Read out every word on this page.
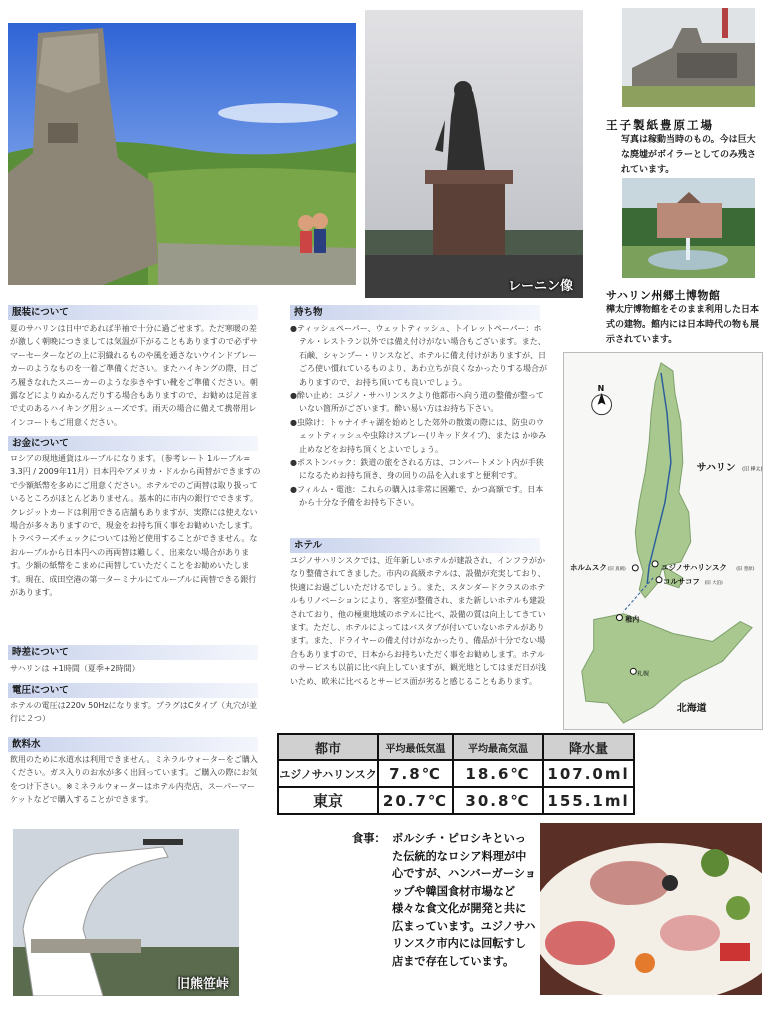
レーニン像
王子製紙豊原工場
写真は稼動当時のもの。今は巨大な廃墟がボイラーとしてのみ残されています。
サハリン州郷土博物館
樺太庁博物館をそのまま利用した日本式の建物。館内には日本時代の物も展示されています。
服装について
夏のサハリンは日中であれば半袖で十分に過ごせます。ただ寒暖の差が激しく朝晩につきましては気温が下がることもありますので必ずサマーセーターなどの上に羽織れるものや風を通さないウインドブレーカーのようなものを一着ご準備ください。またハイキングの際、日ごろ履きなれたスニーカーのような歩きやすい靴をご準備ください。朝露などによりぬかるんだりする場合もありますので、お勧めは足首まで丈のあるハイキング用シューズです。雨天の場合に備えて携帯用レインコートもご用意ください。
お金について
ロシアの現地通貨はルーブルになります。（参考レート 1ルーブル= 3.3円 / 2009年11月）日本円やアメリカ・ドルから両替ができますので少額紙幣を多めにご用意ください。ホテルでのご両替は取り扱っているところがほとんどありません。基本的に市内の銀行でできます。クレジットカードは利用できる店舗もありますが、実際には使えない場合が多々ありますので、現金をお持ち頂く事をお勧めいたします。トラベラーズチェックについては殆ど使用することができません。なおルーブルから日本円への再両替は難しく、出来ない場合があります。少額の紙幣をこまめに両替していただくことをお勧めいたします。現在、成田空港の第一ターミナルにてルーブルに両替できる銀行があります。
時差について
サハリンは +1時間（夏季+2時間）
電圧について
ホテルの電圧は220v 50Hzになります。プラグはCタイプ（丸穴が並行に２つ）
飲料水
飲用のために水道水は利用できません。ミネラルウォーターをご購入ください。ガス入りのお水が多く出回っています。ご購入の際にお気をつけ下さい。※ミネラルウォーターはホテル内売店、スーパーマーケットなどで購入することができます。
持ち物

●ティッシュペーパー、ウェットティッシュ、トイレットペーパー：ホテル・レストラン以外では備え付けがない場合もございます。また、石鹸、シャンプー・リンスなど、ホテルに備え付けがありますが、日ごろ使い慣れているものより、あわ立ちが良くなかったりする場合がありますので、お持ち頂いても良いでしょう。

●酔い止め：ユジノ・サハリンスクより他都市へ向う道の整備が整っていない箇所がございます。酔い易い方はお持ち下さい。

●虫除け：トゥナイチャ湖を始めとした郊外の散策の際には、防虫のウェットティッシュや虫除けスプレー(リキッドタイプ)、または かゆみ止めなどをお持ち頂くとよいでしょう。

●ポストンバック：鉄道の旅をされる方は、コンパートメント内が手狭になるためお持ち頂き、身の回りの品を入れますと便利です。

●フィルム・電池：これらの購入は非常に困難で、かつ高額です。日本から十分な予備をお持ち下さい。

ホテル
ユジノサハリンスクでは、近年新しいホテルが建設され、インフラがかなり整備されてきました。市内の高級ホテルは、設備が充実しており、快適にお過ごしいただけるでしょう。また、スタンダードクラスのホテルもリノベーションにより、客室が整備され、また新しいホテルも建設されており、他の極東地域のホテルに比べ、設備の質は向上してきています。ただし、ホテルによってはバスタブが付いていないホテルがあります。また、ドライヤーの備え付けがなかったり、備品が十分でない場合もありますので、日本からお持ちいただく事をお勧めします。ホテルのサービスも以前に比べ向上していますが、観光地としてはまだ日が浅いため、欧米に比べるとサービス面が劣ると感じることもあります。
N
サハリン (旧 樺太)
ユジノサハリンスク (旧 豊原)
ホルムスク (旧 真岡)
コルサコフ (旧 大泊)
稚内
札幌
北海道
都市	平均最低気温	平均最高気温	降水量
ユジノサハリンスク	7.8℃	18.6℃	107.0ml
東京	20.7℃	30.8℃	155.1ml
旧熊笹峠
食事： ボルシチ・ピロシキといった伝統的なロシア料理が中心ですが、ハンバーガーショップや韓国食材市場など様々な食文化が開発と共に広まっています。ユジノサハリンスク市内には回転すし店まで存在しています。
